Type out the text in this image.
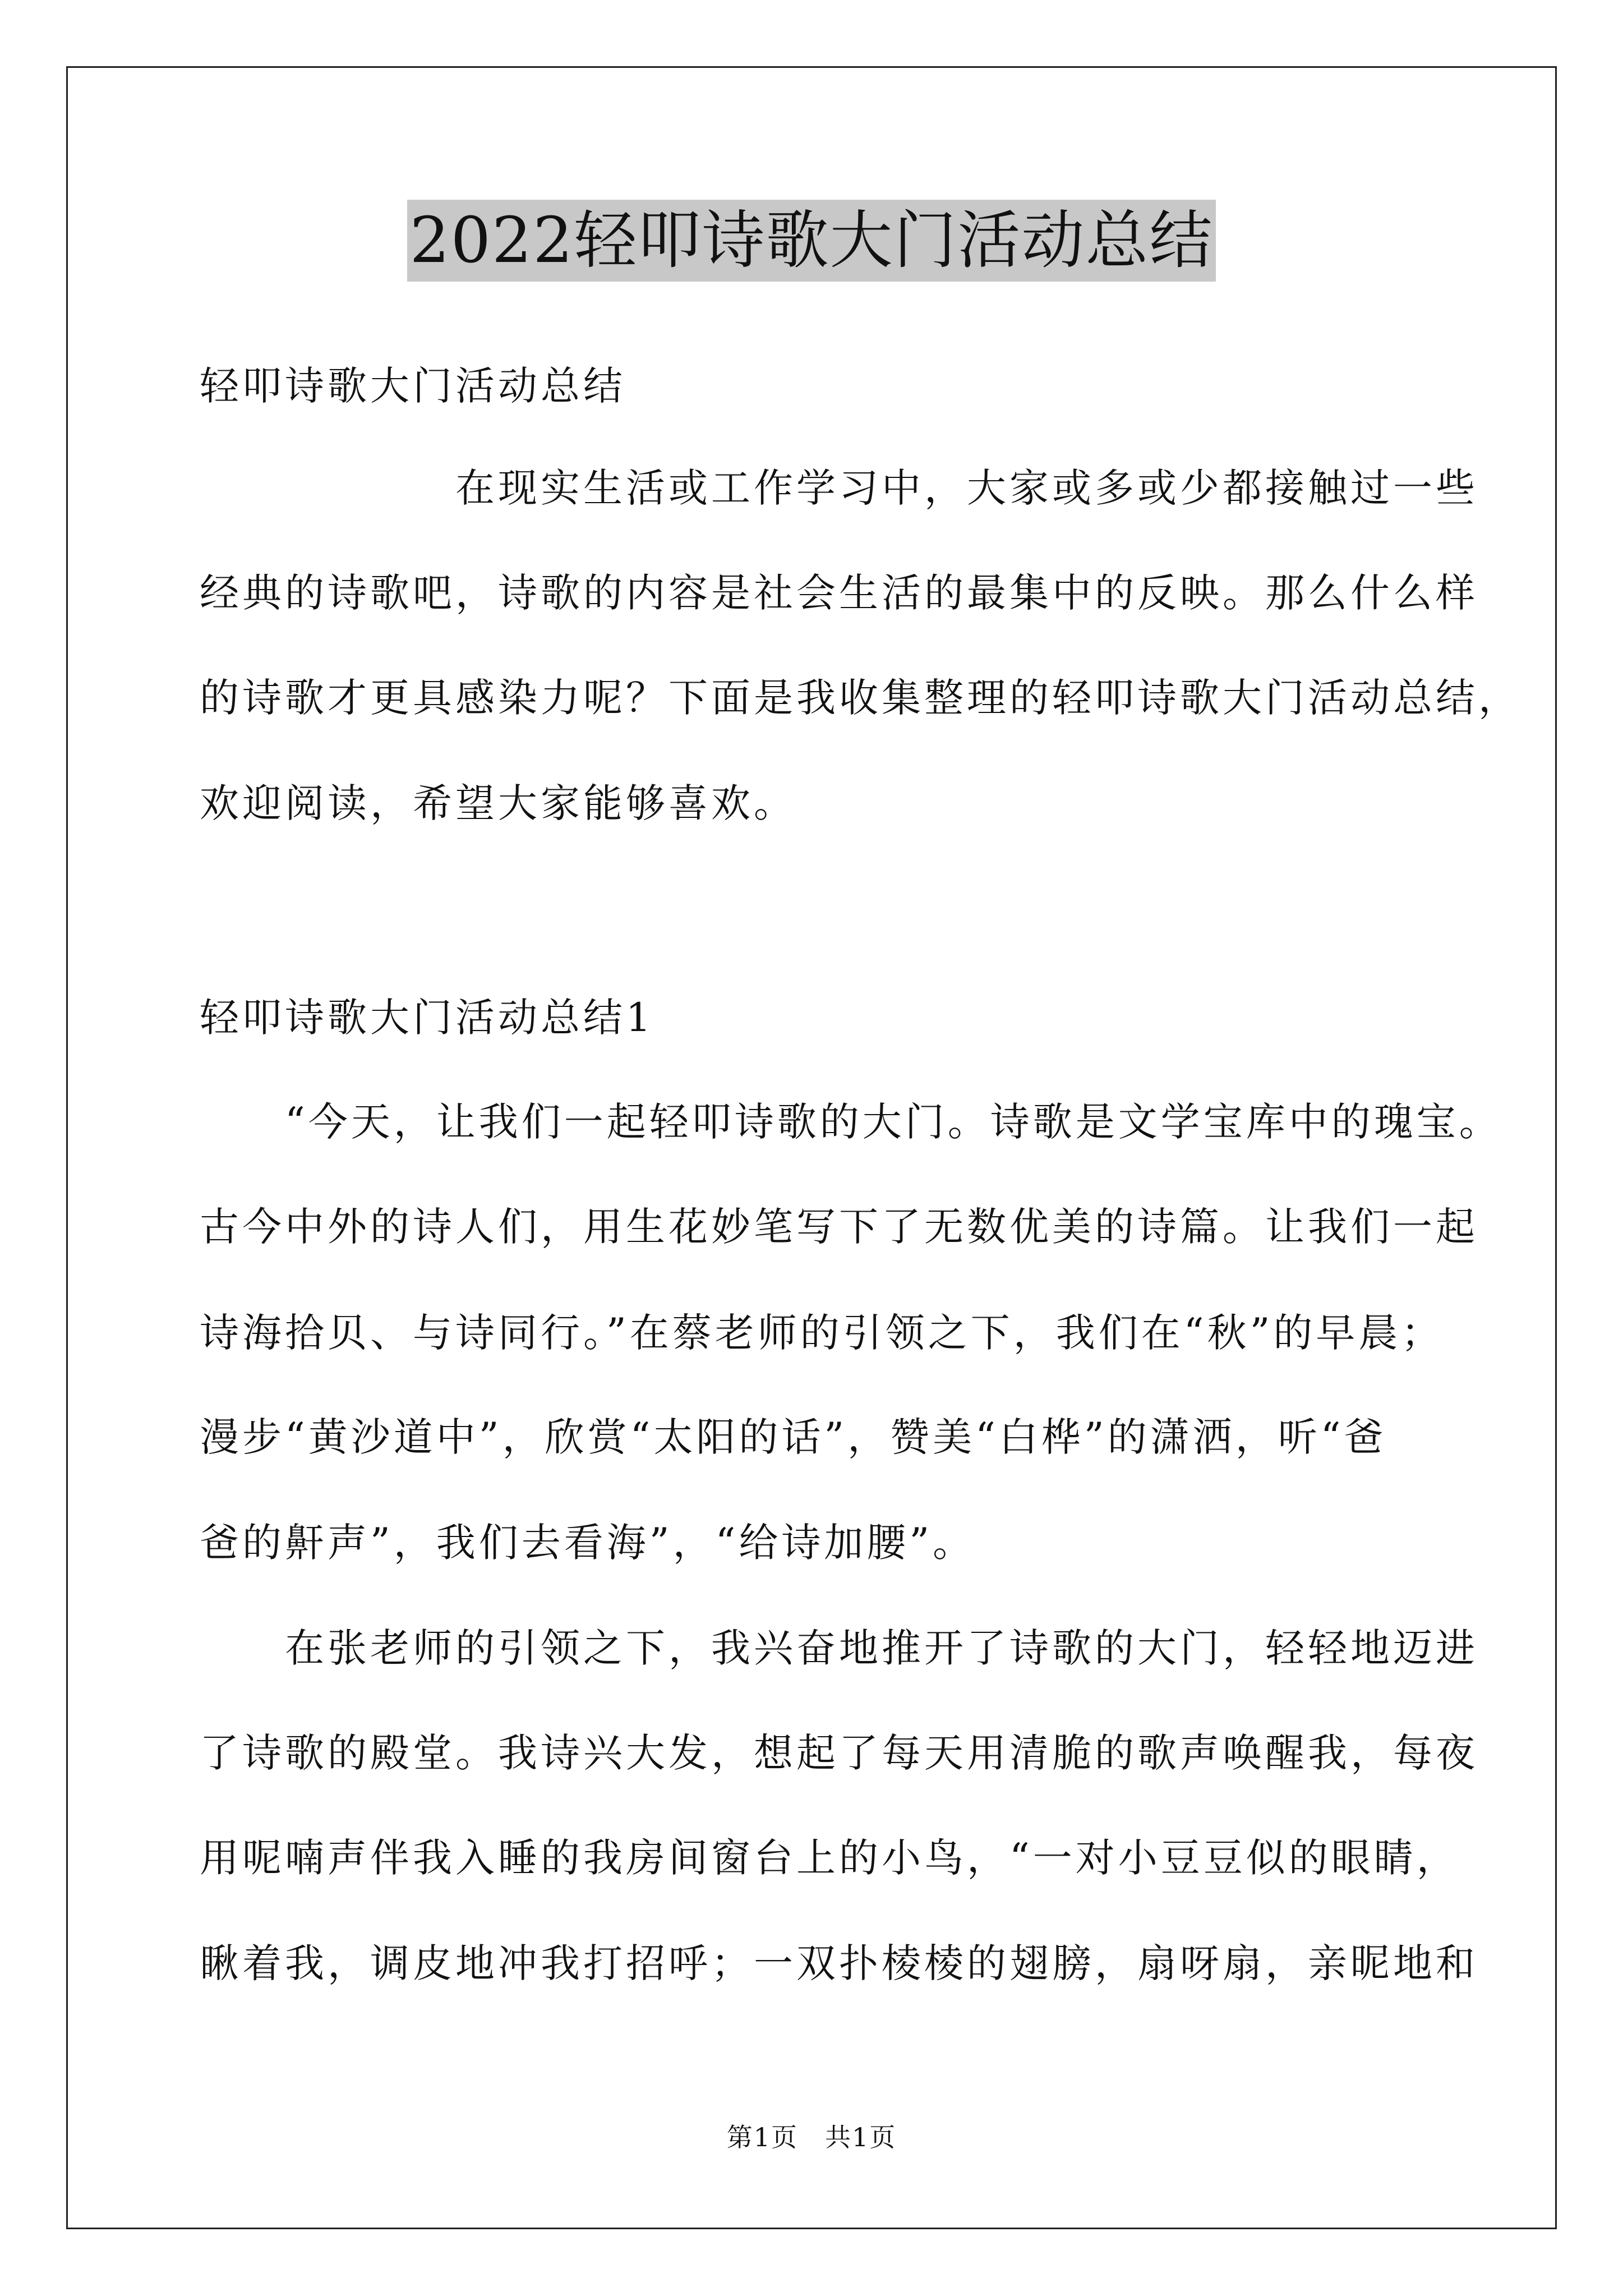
2022轻叩诗歌大门活动总结
轻叩诗歌大门活动总结
　　　　　　在现实生活或工作学习中，大家或多或少都接触过一些
经典的诗歌吧，诗歌的内容是社会生活的最集中的反映。那么什么样
的诗歌才更具感染力呢？下面是我收集整理的轻叩诗歌大门活动总结，
欢迎阅读，希望大家能够喜欢。
轻叩诗歌大门活动总结1
　　“今天，让我们一起轻叩诗歌的大门。诗歌是文学宝库中的瑰宝。
古今中外的诗人们，用生花妙笔写下了无数优美的诗篇。让我们一起
诗海拾贝、与诗同行。”在蔡老师的引领之下，我们在“秋”的早晨；
漫步“黄沙道中”，欣赏“太阳的话”，赞美“白桦”的潇洒，听“爸
爸的鼾声”，我们去看海”，“给诗加腰”。
　　在张老师的引领之下，我兴奋地推开了诗歌的大门，轻轻地迈进
了诗歌的殿堂。我诗兴大发，想起了每天用清脆的歌声唤醒我，每夜
用呢喃声伴我入睡的我房间窗台上的小鸟，“一对小豆豆似的眼睛，
瞅着我，调皮地冲我打招呼；一双扑棱棱的翅膀，扇呀扇，亲昵地和
第1页　共1页
